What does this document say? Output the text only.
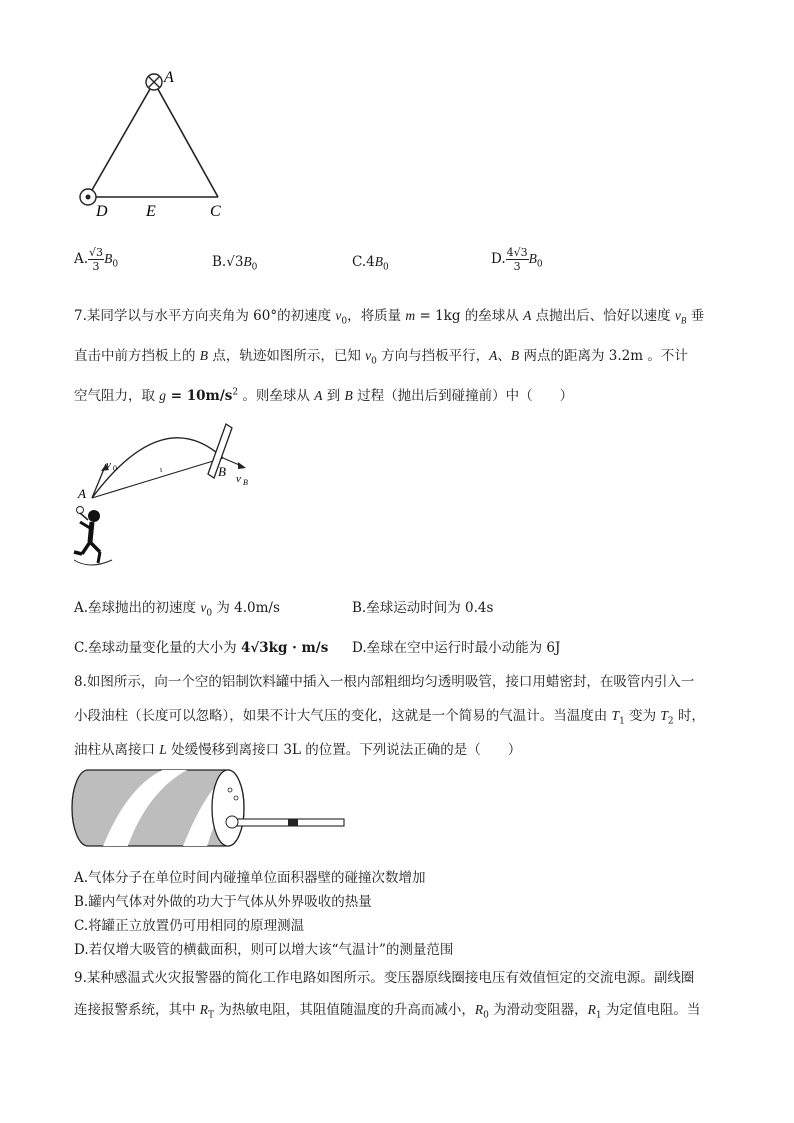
A
D E	C
A. $\frac{√3}{3} B_0$	$B.√3B_0$	$C.4B_0$
D. $\frac{4√3}{3} B_0$
7.某同学以与水平方向夹角为 60°的初速度 $v_0$，将质量 m = 1kg 的垒球从 A 点抛出后、恰好以速度 $v_B$ 垂
直击中前方挡板上的 B 点，轨迹如图所示，已知 $v_0$ 方向与挡板平行，A、B 两点的距离为 3.2m 。不计
空气阻力，取 $g = 10m/s^2$ 。则垒球从 A 到 B 过程（抛出后到碰撞前）中（　　）
v 0	ι	B v B
A
A.垒球抛出的初速度 $v_0$ 为 4.0m/s	B.垒球运动时间为 0.4s
C.垒球动量变化量的大小为 4√3kg · m/s D.垒球在空中运行时最小动能为 6J
8.如图所示，向一个空的铝制饮料罐中插入一根内部粗细均匀透明吸管，接口用蜡密封，在吸管内引入一
小段油柱（长度可以忽略），如果不计大气压的变化，这就是一个简易的气温计。当温度由 $T_1$ 变为 $T_2$ 时，
油柱从离接口 L 处缓慢移到离接口 3L 的位置。下列说法正确的是（　　）
A.气体分子在单位时间内碰撞单位面积器壁的碰撞次数增加
B.罐内气体对外做的功大于气体从外界吸收的热量
C.将罐正立放置仍可用相同的原理测温
D.若仅增大吸管的横截面积，则可以增大该“气温计”的测量范围
9.某种感温式火灾报警器的简化工作电路如图所示。变压器原线圈接电压有效值恒定的交流电源。副线圈
连接报警系统，其中 $R_T$ 为热敏电阻，其阻值随温度的升高而减小，$R_0$ 为滑动变阻器，$R_1$ 为定值电阻。当
